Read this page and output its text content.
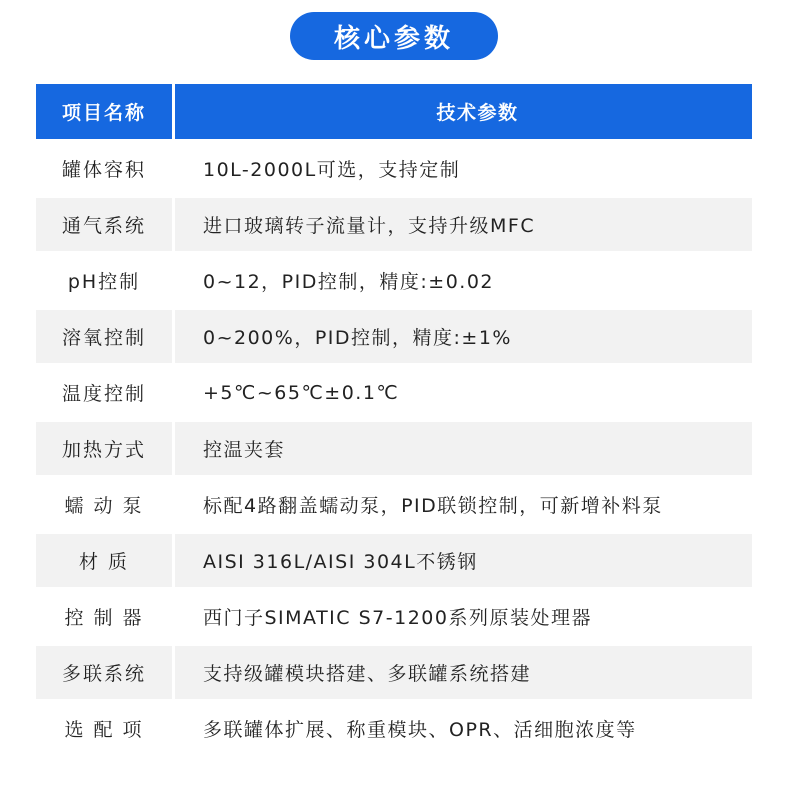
核心参数
项目名称	技术参数
罐体容积	10L-2000L可选，支持定制
通气系统	进口玻璃转子流量计，支持升级MFC
pH控制	0~12，PID控制，精度:±0.02
溶氧控制	0~200%，PID控制，精度:±1%
温度控制	+5℃~65℃±0.1℃
加热方式	控温夹套
蠕 动 泵	标配4路翻盖蠕动泵，PID联锁控制，可新增补料泵
材 质	AISI 316L/AISI 304L不锈钢
控 制 器	西门子SIMATIC S7-1200系列原装处理器
多联系统	支持级罐模块搭建、多联罐系统搭建
选 配 项	多联罐体扩展、称重模块、OPR、活细胞浓度等
